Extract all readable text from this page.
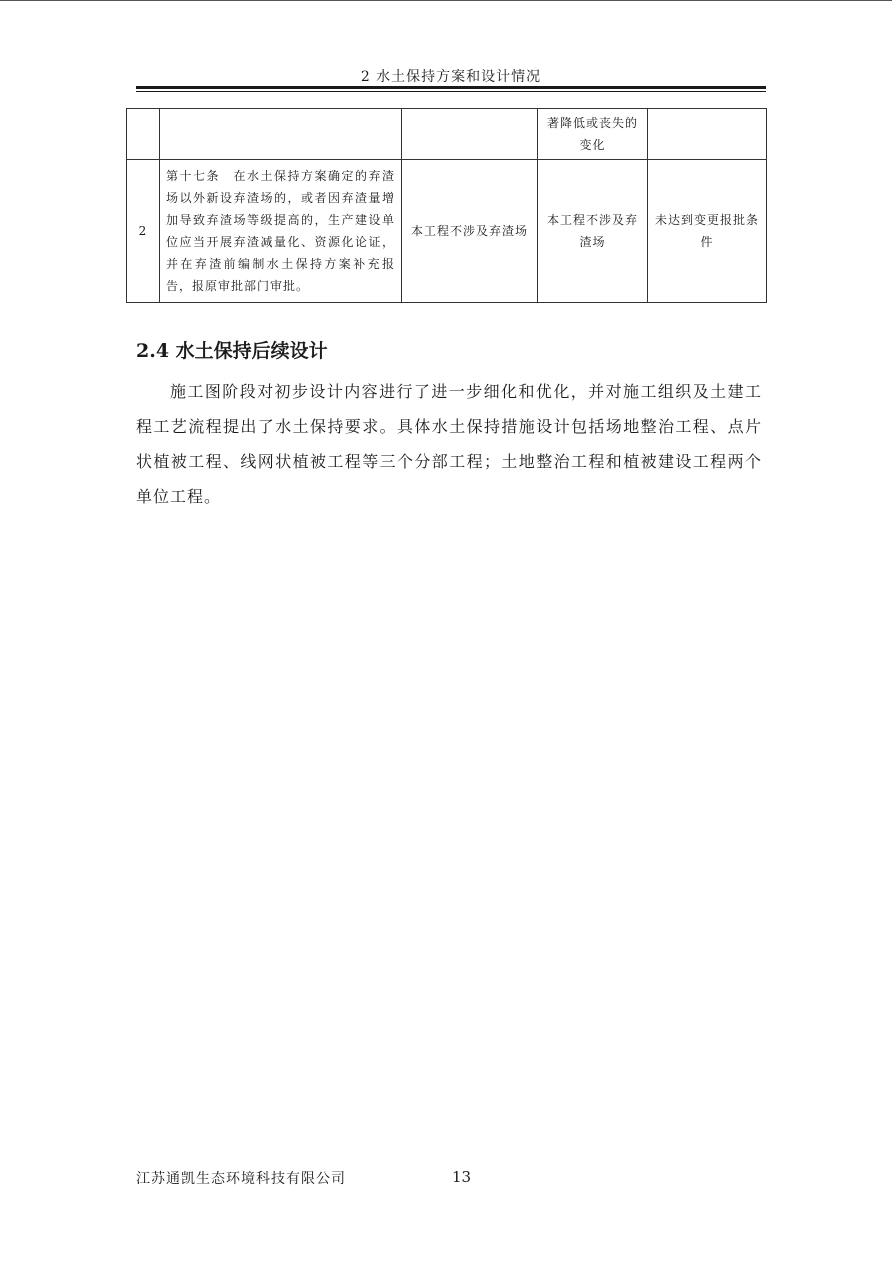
2 水土保持方案和设计情况
			著降低或丧失的变化	
2	第十七条　在水土保持方案确定的弃渣场以外新设弃渣场的，或者因弃渣量增加导致弃渣场等级提高的，生产建设单位应当开展弃渣减量化、资源化论证，并在弃渣前编制水土保持方案补充报告，报原审批部门审批。	本工程不涉及弃渣场	本工程不涉及弃渣场	未达到变更报批条件
2.4 水土保持后续设计

施工图阶段对初步设计内容进行了进一步细化和优化，并对施工组织及土建工程工艺流程提出了水土保持要求。具体水土保持措施设计包括场地整治工程、点片状植被工程、线网状植被工程等三个分部工程；土地整治工程和植被建设工程两个单位工程。

江苏通凯生态环境科技有限公司	13
